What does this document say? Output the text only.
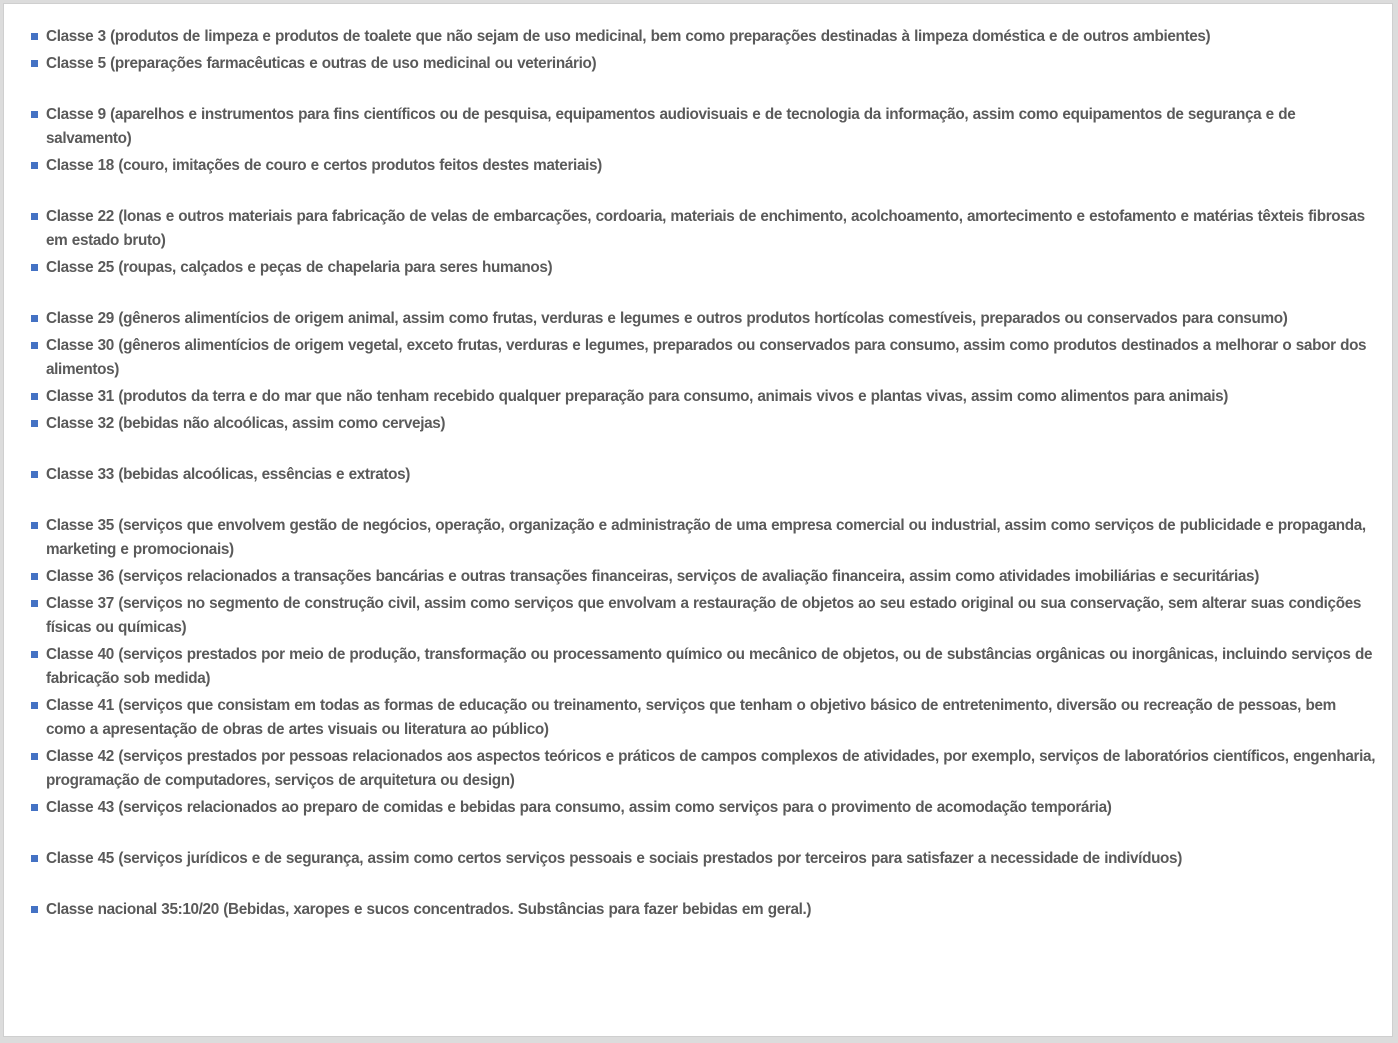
Classe 3 (produtos de limpeza e produtos de toalete que não sejam de uso medicinal, bem como preparações destinadas à limpeza doméstica e de outros ambientes)
Classe 5 (preparações farmacêuticas e outras de uso medicinal ou veterinário)
Classe 9 (aparelhos e instrumentos para fins científicos ou de pesquisa, equipamentos audiovisuais e de tecnologia da informação, assim como equipamentos de segurança e de salvamento)
Classe 18 (couro, imitações de couro e certos produtos feitos destes materiais)
Classe 22 (lonas e outros materiais para fabricação de velas de embarcações, cordoaria, materiais de enchimento, acolchoamento, amortecimento e estofamento e matérias têxteis fibrosas em estado bruto)
Classe 25 (roupas, calçados e peças de chapelaria para seres humanos)
Classe 29 (gêneros alimentícios de origem animal, assim como frutas, verduras e legumes e outros produtos hortícolas comestíveis, preparados ou conservados para consumo)
Classe 30 (gêneros alimentícios de origem vegetal, exceto frutas, verduras e legumes, preparados ou conservados para consumo, assim como produtos destinados a melhorar o sabor dos alimentos)
Classe 31 (produtos da terra e do mar que não tenham recebido qualquer preparação para consumo, animais vivos e plantas vivas, assim como alimentos para animais)
Classe 32 (bebidas não alcoólicas, assim como cervejas)
Classe 33 (bebidas alcoólicas, essências e extratos)
Classe 35 (serviços que envolvem gestão de negócios, operação, organização e administração de uma empresa comercial ou industrial, assim como serviços de publicidade e propaganda, marketing e promocionais)
Classe 36 (serviços relacionados a transações bancárias e outras transações financeiras, serviços de avaliação financeira, assim como atividades imobiliárias e securitárias)
Classe 37 (serviços no segmento de construção civil, assim como serviços que envolvam a restauração de objetos ao seu estado original ou sua conservação, sem alterar suas condições físicas ou químicas)
Classe 40 (serviços prestados por meio de produção, transformação ou processamento químico ou mecânico de objetos, ou de substâncias orgânicas ou inorgânicas, incluindo serviços de fabricação sob medida)
Classe 41 (serviços que consistam em todas as formas de educação ou treinamento, serviços que tenham o objetivo básico de entretenimento, diversão ou recreação de pessoas, bem como a apresentação de obras de artes visuais ou literatura ao público)
Classe 42 (serviços prestados por pessoas relacionados aos aspectos teóricos e práticos de campos complexos de atividades, por exemplo, serviços de laboratórios científicos, engenharia, programação de computadores, serviços de arquitetura ou design)
Classe 43 (serviços relacionados ao preparo de comidas e bebidas para consumo, assim como serviços para o provimento de acomodação temporária)
Classe 45 (serviços jurídicos e de segurança, assim como certos serviços pessoais e sociais prestados por terceiros para satisfazer a necessidade de indivíduos)
Classe nacional 35:10/20 (Bebidas, xaropes e sucos concentrados. Substâncias para fazer bebidas em geral.)
